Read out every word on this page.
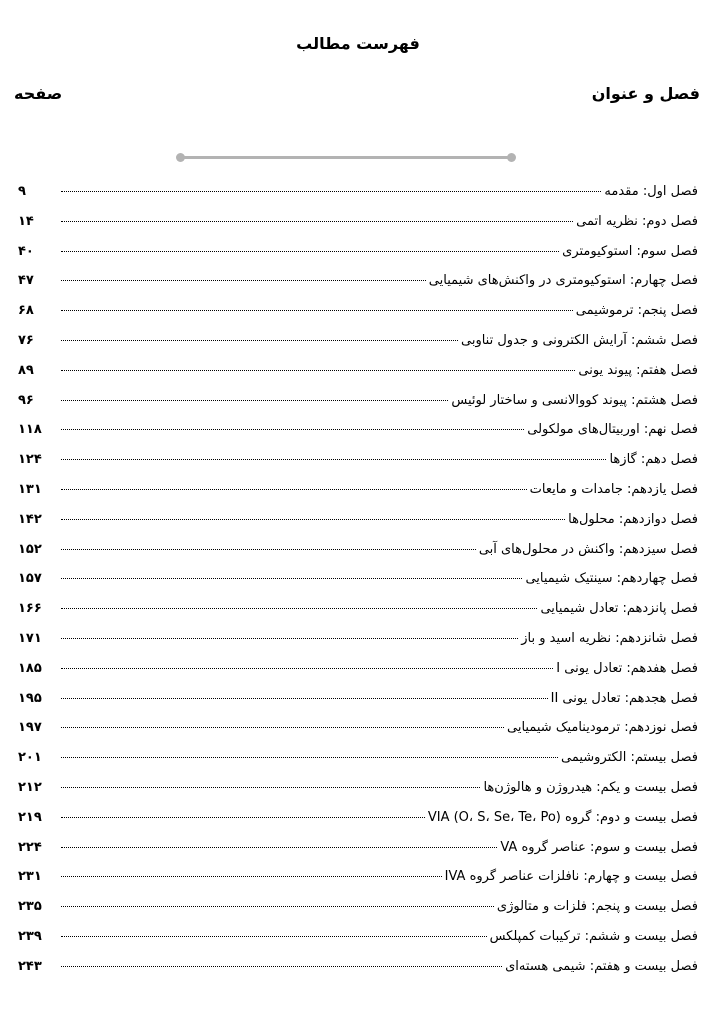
فهرست مطالب
فصل و عنوان
صفحه
فصل اول: مقدمه
۹
فصل دوم: نظریه اتمی
۱۴
فصل سوم: استوکیومتری
۴۰
فصل چهارم: استوکیومتری در واکنش‌های شیمیایی
۴۷
فصل پنجم: ترموشیمی
۶۸
فصل ششم: آرایش الکترونی و جدول تناوبی
۷۶
فصل هفتم: پیوند یونی
۸۹
فصل هشتم: پیوند کووالانسی و ساختار لوئیس
۹۶
فصل نهم: اوربیتال‌های مولکولی
۱۱۸
فصل دهم: گازها
۱۲۴
فصل یازدهم: جامدات و مایعات
۱۳۱
فصل دوازدهم: محلول‌ها
۱۴۲
فصل سیزدهم: واکنش در محلول‌های آبی
۱۵۲
فصل چهاردهم: سینتیک شیمیایی
۱۵۷
فصل پانزدهم: تعادل شیمیایی
۱۶۶
فصل شانزدهم: نظریه اسید و باز
۱۷۱
فصل هفدهم: تعادل یونی I
۱۸۵
فصل هجدهم: تعادل یونی II
۱۹۵
فصل نوزدهم: ترمودینامیک شیمیایی
۱۹۷
فصل بیستم: الکتروشیمی
۲۰۱
فصل بیست و یکم: هیدروژن و هالوژن‌ها
۲۱۲
فصل بیست و دوم: گروه VIA (O، S، Se، Te، Po)
۲۱۹
فصل بیست و سوم: عناصر گروه VA
۲۲۴
فصل بیست و چهارم: نافلزات عناصر گروه IVA
۲۳۱
فصل بیست و پنجم: فلزات و متالوژی
۲۳۵
فصل بیست و ششم: ترکیبات کمپلکس
۲۳۹
فصل بیست و هفتم: شیمی هسته‌ای
۲۴۳
